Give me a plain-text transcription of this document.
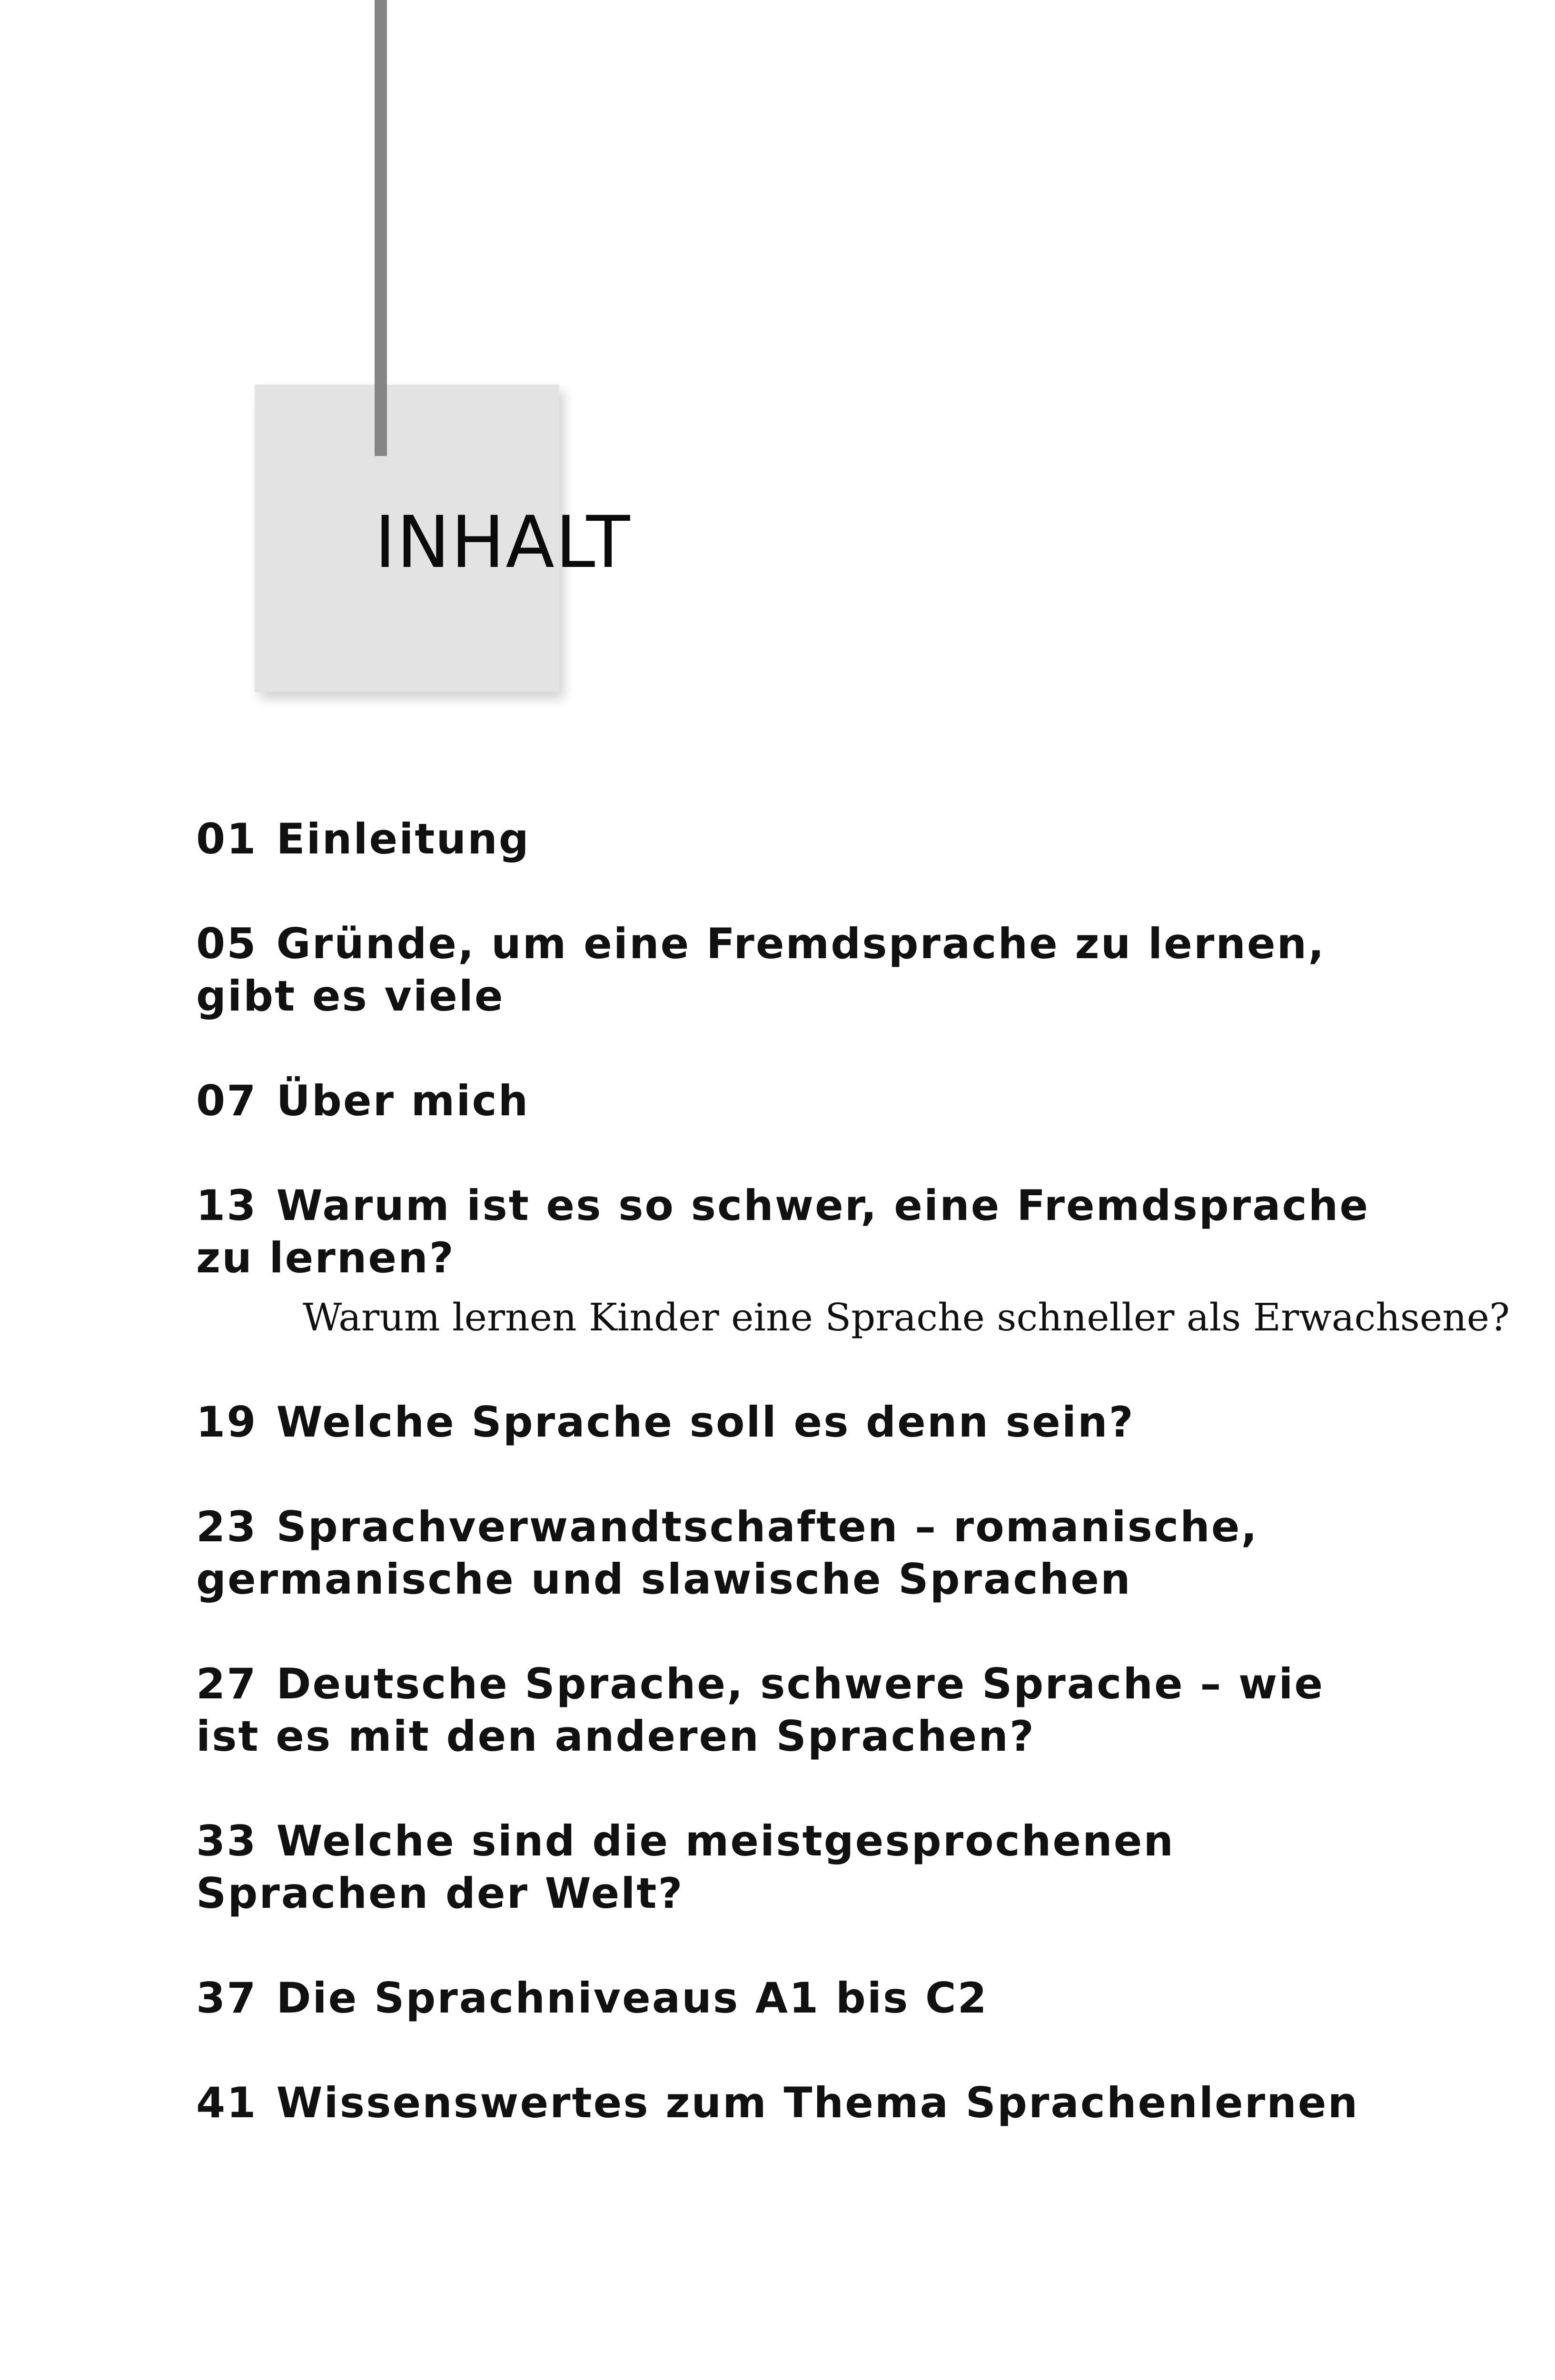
INHALT
01 Einleitung
05 Gründe, um eine Fremdsprache zu lernen, gibt es viele
07 Über mich
13 Warum ist es so schwer, eine Fremdsprache zu lernen?
Warum lernen Kinder eine Sprache schneller als Erwachsene?
19 Welche Sprache soll es denn sein?
23 Sprachverwandtschaften – romanische, germanische und slawische Sprachen
27 Deutsche Sprache, schwere Sprache – wie ist es mit den anderen Sprachen?
33 Welche sind die meistgesprochenen Sprachen der Welt?
37 Die Sprachniveaus A1 bis C2
41 Wissenswertes zum Thema Sprachenlernen
